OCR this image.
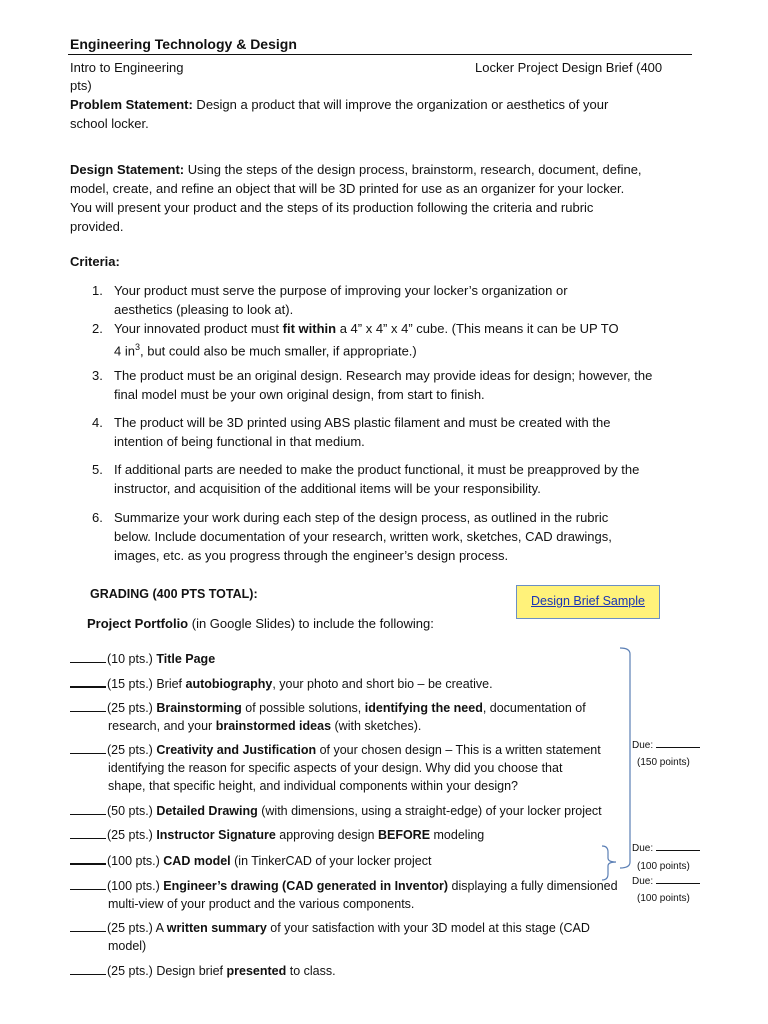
Engineering Technology & Design
Intro to Engineering	Locker Project Design Brief (400
pts)
Problem Statement: Design a product that will improve the organization or aesthetics of your
school locker.
Design Statement: Using the steps of the design process, brainstorm, research, document, define,
model, create, and refine an object that will be 3D printed for use as an organizer for your locker.
You will present your product and the steps of its production following the criteria and rubric
provided.
Criteria:
1. Your product must serve the purpose of improving your locker’s organization or
aesthetics (pleasing to look at).
2. Your innovated product must fit within a 4” x 4” x 4” cube. (This means it can be UP TO
4 $in^3$, but could also be much smaller, if appropriate.)
3. The product must be an original design. Research may provide ideas for design; however, the
final model must be your own original design, from start to finish.
4. The product will be 3D printed using ABS plastic filament and must be created with the
intention of being functional in that medium.
5. If additional parts are needed to make the product functional, it must be preapproved by the
instructor, and acquisition of the additional items will be your responsibility.
6. Summarize your work during each step of the design process, as outlined in the rubric
below. Include documentation of your research, written work, sketches, CAD drawings,
images, etc. as you progress through the engineer’s design process.
GRADING (400 PTS TOTAL):	Design Brief Sample
Project Portfolio (in Google Slides) to include the following:
(10 pts.) Title Page
(15 pts.) Brief autobiography, your photo and short bio – be creative.
(25 pts.) Brainstorming of possible solutions, identifying the need, documentation of
research, and your brainstormed ideas (with sketches).
(25 pts.) Creativity and Justification of your chosen design – This is a written statement
identifying the reason for specific aspects of your design. Why did you choose that
shape, that specific height, and individual components within your design?
(50 pts.) Detailed Drawing (with dimensions, using a straight-edge) of your locker project
(25 pts.) Instructor Signature approving design BEFORE modeling
(100 pts.) CAD model (in TinkerCAD of your locker project
(100 pts.) Engineer’s drawing (CAD generated in Inventor) displaying a fully dimensioned
multi-view of your product and the various components.
(25 pts.) A written summary of your satisfaction with your 3D model at this stage (CAD
model)
(25 pts.) Design brief presented to class.
Due:
(150 points)
Due:
(100 points)
Due:
(100 points)
